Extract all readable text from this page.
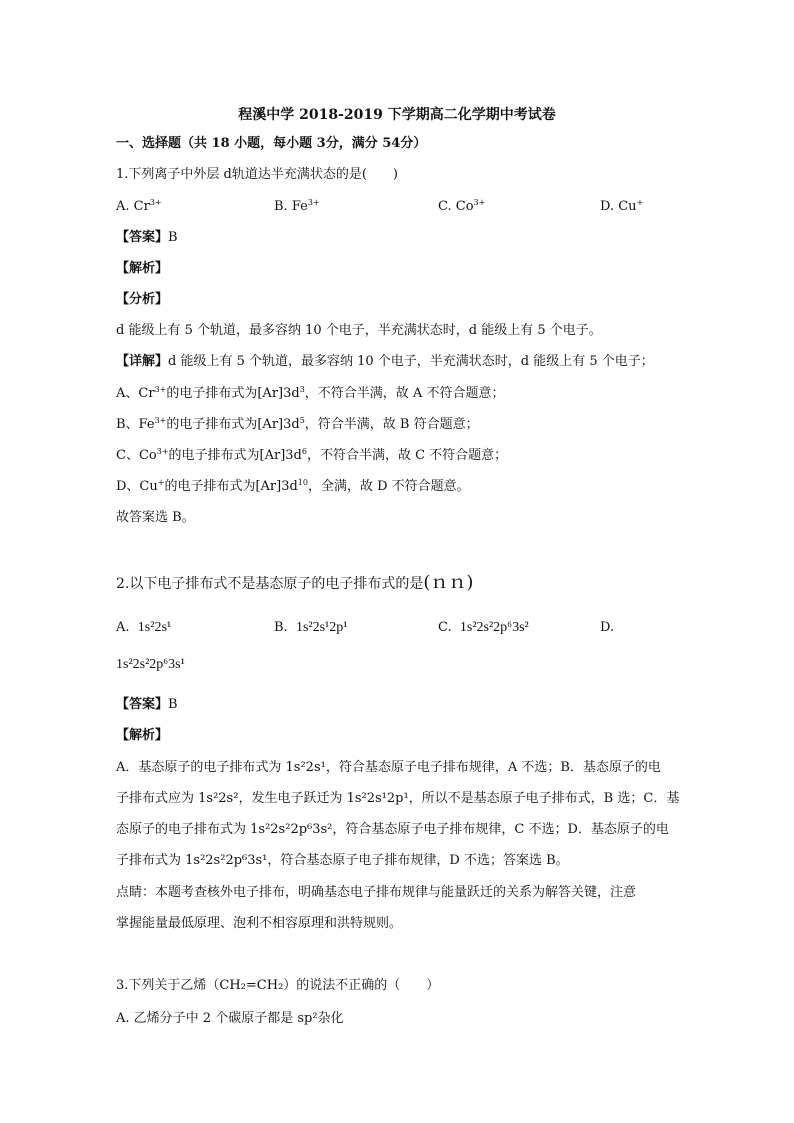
程溪中学 2018-2019 下学期高二化学期中考试卷
一、选择题（共 18 小题，每小题 3分，满分 54分）
1.下列离子中外层 d轨道达半充满状态的是(　　)
A. $Cr^{3+}$	B. $Fe^{3+}$	C. $Co^{3+}$	D. Cu+
【答案】B
【解析】
【分析】
d 能级上有 5 个轨道，最多容纳 10 个电子，半充满状态时，d 能级上有 5 个电子。
【详解】d 能级上有 5 个轨道，最多容纳 10 个电子，半充满状态时，d 能级上有 5 个电子；
A、$Cr^{3+}$的电子排布式为$[Ar]3d^3$，不符合半满，故 A 不符合题意；
B、$Fe^{3+}$的电子排布式为$[Ar]3d^5$，符合半满，故 B 符合题意；
C、$Co^{3+}$的电子排布式为$[Ar]3d^6$，不符合半满，故 C 不符合题意；
D、Cu+的电子排布式为$[Ar]3d^{10}$，全满，故 D 不符合题意。
故答案选 B。
2.以下电子排布式不是基态原子的电子排布式的是(ｎｎ)
A. 1s²2s¹	B. 1s²2s¹2p¹	C. 1s²2s²2p⁶3s²	D.
1s²2s²2p⁶3s¹
【答案】B
【解析】
A．基态原子的电子排布式为 1s²2s¹，符合基态原子电子排布规律，A 不选；B．基态原子的电
子排布式应为 1s²2s²，发生电子跃迁为 1s²2s¹2p¹，所以不是基态原子电子排布式，B 选；C．基
态原子的电子排布式为 1s²2s²2p⁶3s²，符合基态原子电子排布规律，C 不选；D．基态原子的电
子排布式为 1s²2s²2p⁶3s¹，符合基态原子电子排布规律，D 不选；答案选 B。
点睛：本题考查核外电子排布，明确基态电子排布规律与能量跃迁的关系为解答关键，注意
掌握能量最低原理、泡利不相容原理和洪特规则。
3.下列关于乙烯（CH₂=CH₂）的说法不正确的（　　）
A. 乙烯分子中 2 个碳原子都是 sp²杂化
